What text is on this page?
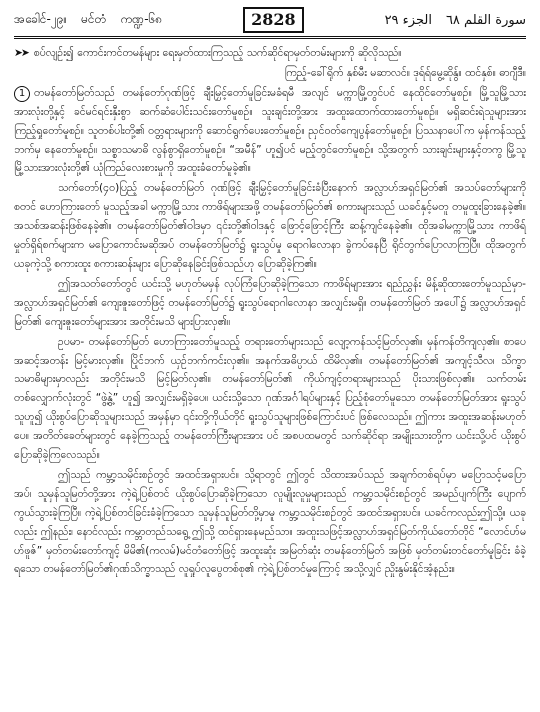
အခေါင်-၂၉။ မင်တံ ကဏ္ဍ-၆၈	2828	سورة القلم ٦٨
الجزء ٢٩

➤➤ စပ်လျဉ်း၍ ကောင်းကင်တမန်များ ရေးမှတ်ထားကြသည့် သက်ဆိုင်ရာမှတ်တမ်းများကို ဆိုလိုသည်။

ကြည့်-ခေါ်ရိုက် နှစ်မီး မဆာလင်။ ဒုရ်ရ်မွေ့ဆိုနွ်။ ထင်နှစ်။ ဓာဂျီဒီ။

1 တမန်တော်မြတ်သည် တမန်တော်ဂုဏ်ဖြင့် ချီးမြှင့်တော်မူခြင်းမခံရမီ အလျင် မက္ကာမြို့တွင်ပင် နေထိုင်တော်မူစဉ်။ မြို့သူမြို့သားအားလုံးတို့နှင့် ခင်မင်ရင်းနှီးစွာ ဆက်ဆံပေါင်းသင်းတော်မူစဉ်။ သူးချင်းတို့အား အထူးထောက်ထားတော်မူစဉ်။ မရှိဆင်းရဲသူများအား ကြည့်ရှုတော်မူစဉ်။ သူတစ်ပါးတို့၏ ဝတ္တရားများကို ဆောင်ရွက်ပေးတော်မူစဉ်။ ညှင်ဝတ်ကျေပွန်တော်မူစဉ်။ ပြဿနာပေါ်က မှန်ကန်သည့်ဘက်မှ နေတော်မူစဉ်။ သစ္စာသမာဓိ လွန်စွာရှိတော်မူစဉ်။ “အမီန်” ဟူ၍ပင် မည့်တွင်တော်မူစဉ်။ သို့အတွက် သားချင်းများနှင့်တကွ မြို့သူမြို့သားအားလုံးတို့၏ ယုံကြည်လေးစားမှုကို အထူးခံတော်မူခဲ့၏။

သက်တော်(၄၀)ပြည့် တမန်တော်မြတ် ဂုဏ်ဖြင့် ချီးမြှင့်တော်မူခြင်းခံပြီးနောက် အလ္လာဟ်အရှင်မြတ်၏ အသပ်တော်များကို စတင် ဟောကြားတော် မူသည့်အခါ မက္ကာမြို့သား ကာဖိရ်များအဖို့ တမန်တော်မြတ်၏ စကားများသည် ယခင်နှင့်မတူ တမူထူးခြားနေခဲ့၏။ အသစ်အဆန်းဖြစ်နေခဲ့၏။ တမန်တော်မြတ်၏ဝါဒမှာ ၎င်းတို့၏ဝါဒနှင့် ဖြောင့်ဖြောင့်ကြီး ဆန့်ကျင်နေခဲ့၏။ ထိုအခါမက္ကာမြို့သား ကာဖိရ်မှုတ်ရှိရ်စက်များက မပြောကောင်းမဆိုအပ် တမန်တော်မြတ်၌ ရူးသွပ်မှု ရောဂါလောနာ ခွဲကပ်နေပြီ ရိုင်တွက်ပြောလာကြပြီ။ ထိုအတွက် ယခုကဲ့သို့ စကားထူး စကားဆန်းများ ပြောဆိုနေခြင်းဖြစ်သည်ဟု ပြောဆိုခဲ့ကြ၏။

ဤအသတ်တော်တွင် ယင်းသို့ မဟုတ်မမှန် လုပ်ကြံပြောဆိုခဲ့ကြသော ကာဖိရ်များအား ရည်ညွှန်း မိန့်ဆိုထားတော်မူသည်မှာ- အလ္လာဟ်အရှင်မြတ်၏ ကျေးဇူးတော်ဖြင့် တမန်တော်မြတ်၌ ရူးသွပ်ရောဂါလောနာ အလျှင်းမရှိ။ တမန်တော်မြတ် အပေါ်၌ အလ္လာဟ်အရှင်မြတ်၏ ကျေးဇူးတော်များအား အတိုင်းမသိ များပြားလှ၏။

ဥပမာ- တမန်တော်မြတ် ဟောကြားတော်မူသည့် တရားတော်များသည် လျော့ကန်သင့်မြတ်လှ၏။ မှန်ကန်တိကျလှ၏။ စာပေအဆင့်အတန်း မြင့်မားလှ၏။ ပြိုင်ဘက် ယှဉ်ဘက်ကင်းလှ၏။ အနက်အဓိပ္ပာယ် ထိမိလှ၏။ တမန်တော်မြတ်၏ အကျင့်သီလ၊ သိက္ခာသမာဓိများမှာလည်း အတိုင်းမသိ မြင့်မြတ်လှ၏။ တမန်တော်မြတ်၏ ကိုယ်ကျင့်တရားများသည် ပိုးသားဖြစ်လှ၏။ သက်တမ်း တစ်လျှောက်လုံးတွင် “ဖွဲ့နွဲ့” ဟူ၍ အလျှင်းမရှိခဲ့ပေ။ ယင်းသို့သော ဂုဏ်အင်္ဂါရပ်များနှင့် ပြည့်စုံတော်မူသော တမန်တော်မြတ်အား ရူးသွပ်သူဟူ၍ ယိုးစွပ်ပြောဆိုသူများသည် အမှန်မှာ ၎င်းတို့ကိုယ်တိုင် ရူးသွပ်သူများဖြစ်ကြောင်းပင် ဖြစ်လေသည်။ ဤကား အထူးအဆန်းမဟုတ်ပေ။ အတိတ်ခေတ်များတွင် နေခဲ့ကြသည့် တမန်တော်ကြီးများအား ပင် အစပထမတွင် သက်ဆိုင်ရာ အမျိုးသားတို့က ယင်းသို့ပင် ယိုးစွပ်ပြောဆိုခဲ့ကြလေသည်။

ဤသည် ကမ္ဘာ့သမိုင်းစဉ်တွင် အထင်အရှားပင်။ သို့ရာတွင် ဤတွင် သိထားအပ်သည် အချက်တစ်ရပ်မှာ မပြောသင့်မပြောအပ်၊ သူမှန်သူမြတ်တို့အား ကဲ့ရဲ့ပြစ်တင် ယိုးစွပ်ပြောဆိုခဲ့ကြသော လူမျိုးလူမှုများသည် ကမ္ဘာ့သမိုင်းစဉ်တွင် အမည်ပျက်ကြီး ပျောက်ကွယ်သွားခဲ့ကြပြီ။ ကဲ့ရဲ့ပြစ်တင်ခြင်းခံခဲ့ကြသော သူမှန်သူမြတ်တို့မှာမူ ကမ္ဘာ့သမိုင်းစဉ်တွင် အထင်အရှားပင်။ ယခင်ကလည်းဤသို့။ ယခုလည်း ဤနည်း၊ နောင်လည်း ကမ္ဘာတည်သရွေ့ ဤသို့ ထင်ရှားနေမည်သာ။ အထူးသဖြင့်အလ္လာဟ်အရှင်မြတ်ကိုယ်တော်တိုင် “လောင်ဟ်မဟ်ဖူဇ်” မှတ်တမ်းတော်ကျင့် မိမိ၏(ကလမ်)မင်တံတော်ဖြင့် အထူးဆုံး အမြတ်ဆုံး တမန်တော်မြတ် အဖြစ် မှတ်တမ်းတင်တော်မူခြင်း ခံခဲ့ရသော တမန်တော်မြတ်၏ဂုဏ်သိက္ခာသည် လူရှုပ်လူပွေတစ်စု၏ ကဲ့ရဲ့ပြစ်တင်မှုကြောင့် အသို့လျှင် ညှိုးနွမ်းနိုင်အံ့နည်း။
